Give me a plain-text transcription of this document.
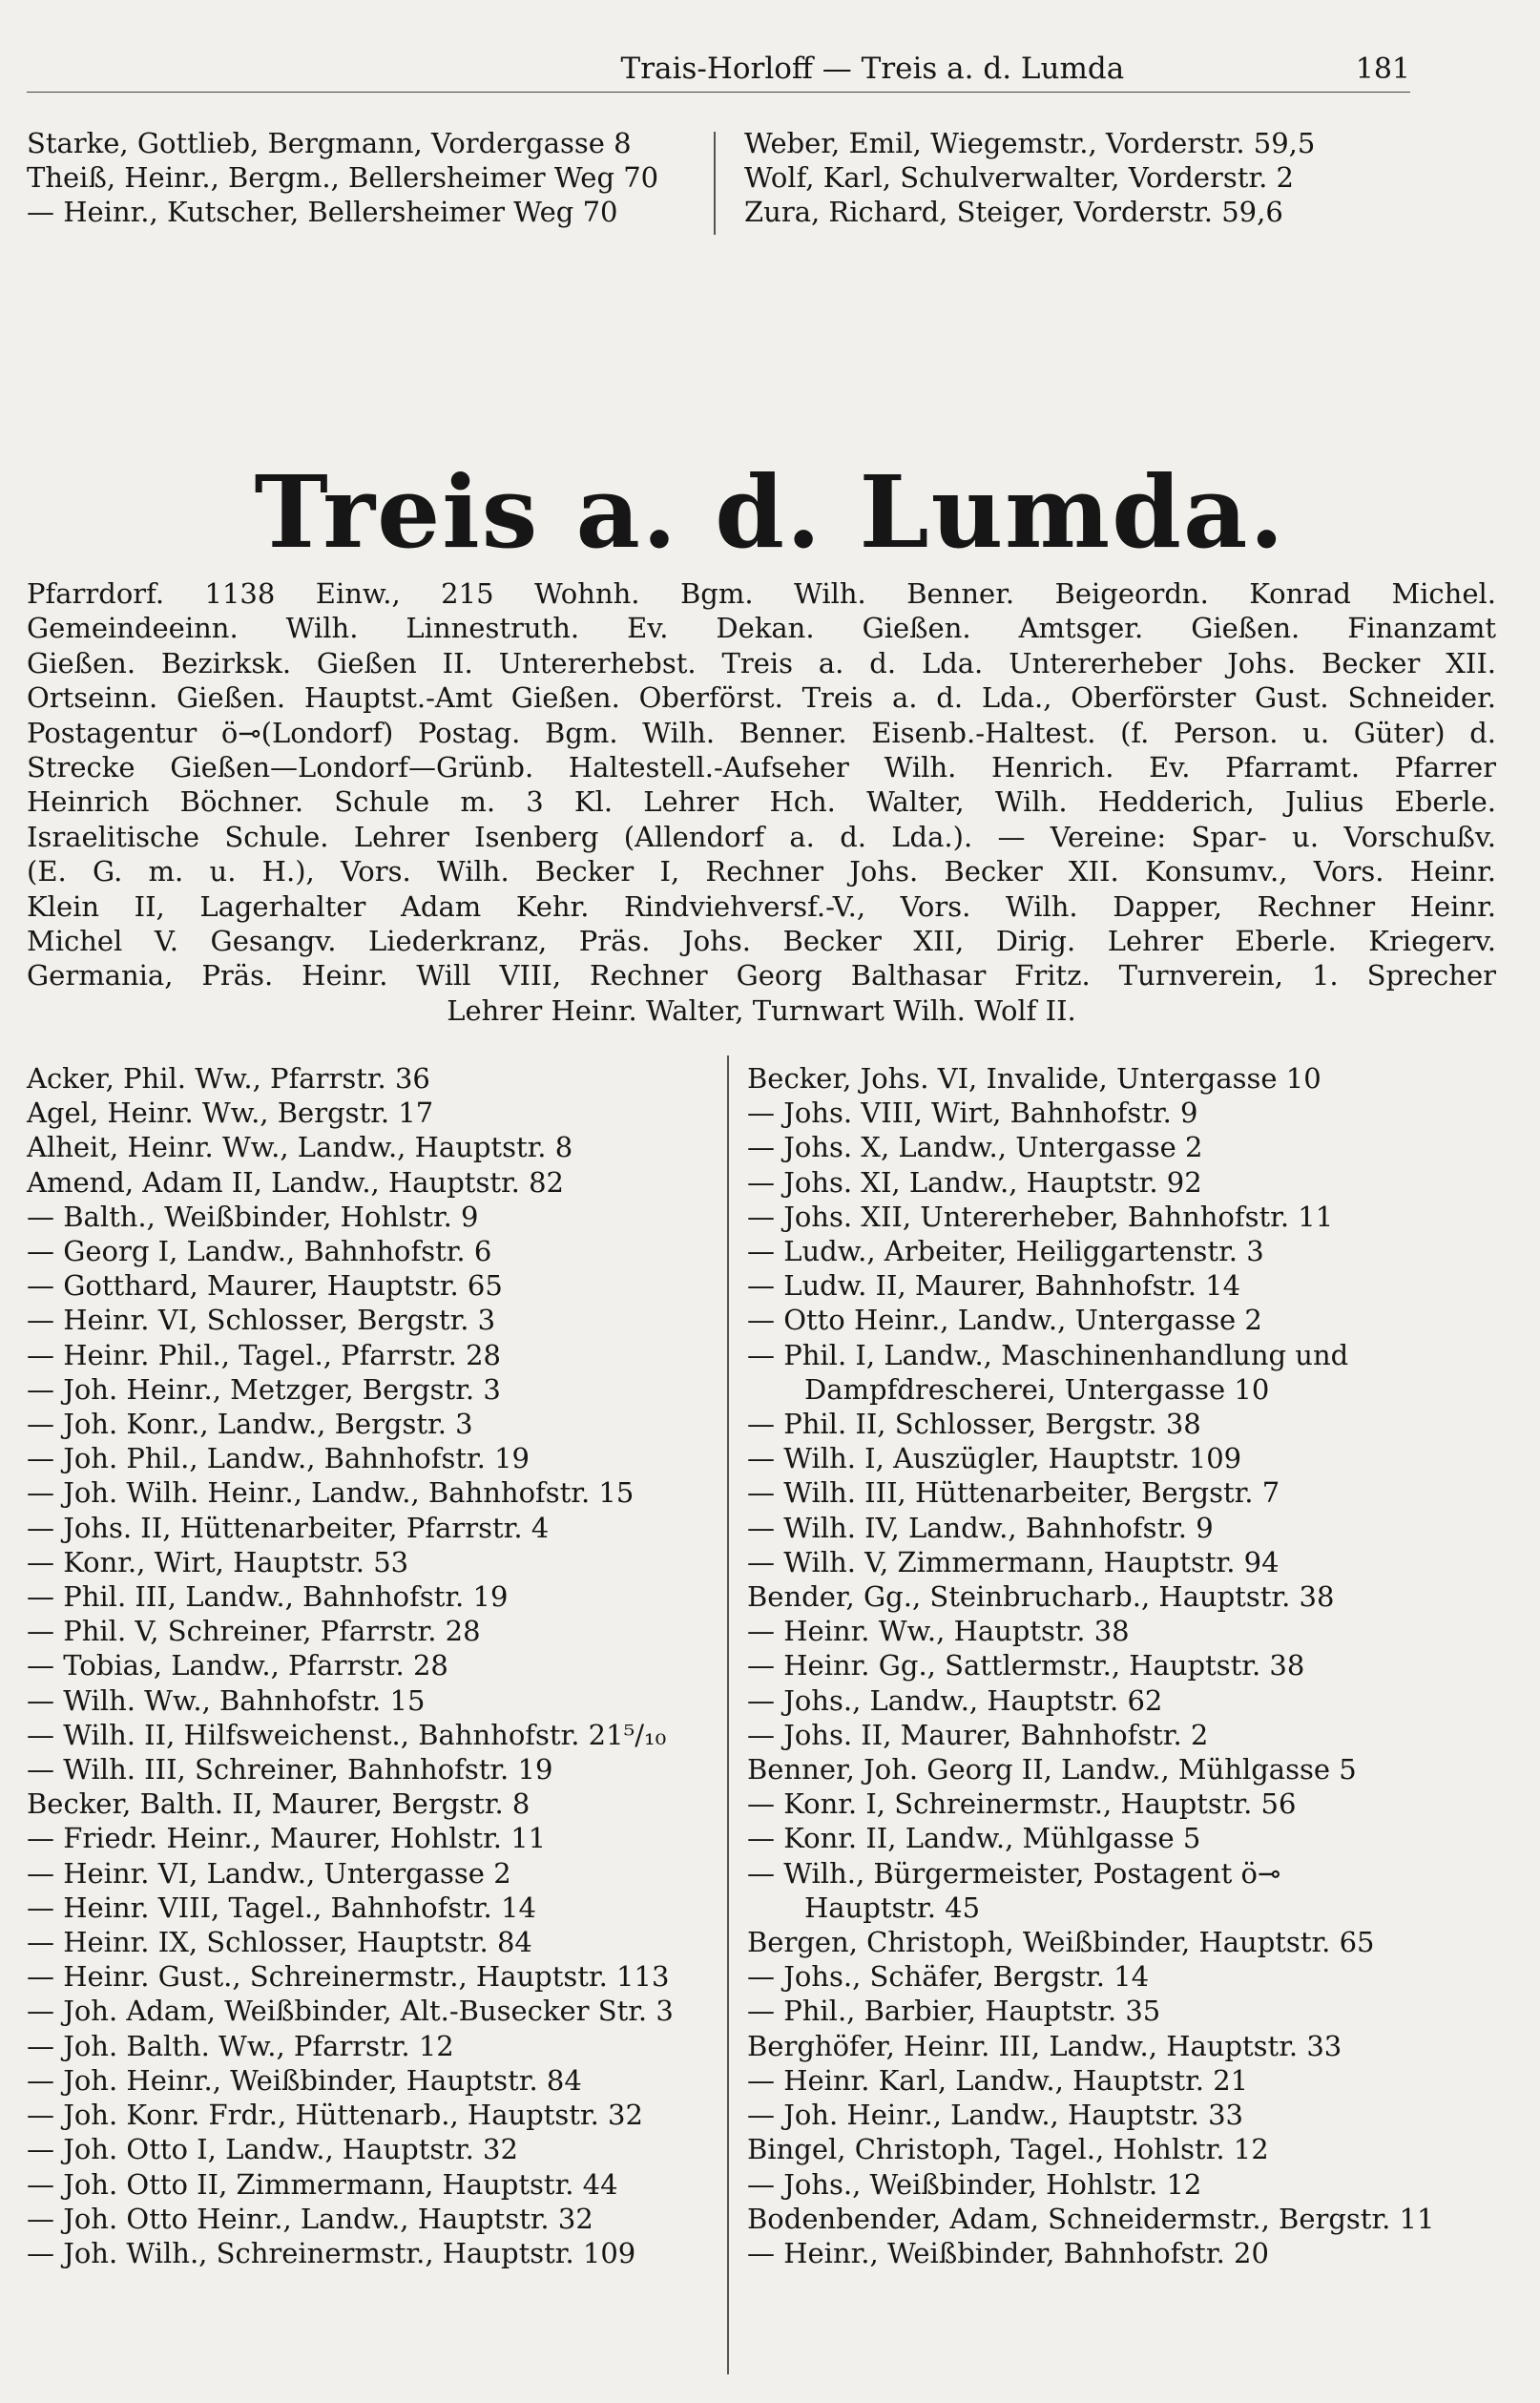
Trais-Horloff — Treis a. d. Lumda	181
Starke, Gottlieb, Bergmann, Vordergasse 8
Theiß, Heinr., Bergm., Bellersheimer Weg 70
— Heinr., Kutscher, Bellersheimer Weg 70
Weber, Emil, Wiegemstr., Vorderstr. 59,5
Wolf, Karl, Schulverwalter, Vorderstr. 2
Zura, Richard, Steiger, Vorderstr. 59,6
Treis a. d. Lumda.

Pfarrdorf. 1138 Einw., 215 Wohnh. Bgm. Wilh. Benner. Beigeordn. Konrad Michel.

Gemeindeeinn. Wilh. Linnestruth. Ev. Dekan. Gießen. Amtsger. Gießen. Finanzamt

Gießen. Bezirksk. Gießen II. Untererhebst. Treis a. d. Lda. Untererheber Johs. Becker XII.

Ortseinn. Gießen. Hauptst.-Amt Gießen. Oberförst. Treis a. d. Lda., Oberförster Gust. Schneider.

Postagentur ö⊸(Londorf) Postag. Bgm. Wilh. Benner. Eisenb.-Haltest. (f. Person. u. Güter) d.

Strecke Gießen—Londorf—Grünb. Haltestell.-Aufseher Wilh. Henrich. Ev. Pfarramt. Pfarrer

Heinrich Böchner. Schule m. 3 Kl. Lehrer Hch. Walter, Wilh. Hedderich, Julius Eberle.

Israelitische Schule. Lehrer Isenberg (Allendorf a. d. Lda.). — Vereine: Spar- u. Vorschußv.

(E. G. m. u. H.), Vors. Wilh. Becker I, Rechner Johs. Becker XII. Konsumv., Vors. Heinr.

Klein II, Lagerhalter Adam Kehr. Rindviehversf.-V., Vors. Wilh. Dapper, Rechner Heinr.

Michel V. Gesangv. Liederkranz, Präs. Johs. Becker XII, Dirig. Lehrer Eberle. Kriegerv.

Germania, Präs. Heinr. Will VIII, Rechner Georg Balthasar Fritz. Turnverein, 1. Sprecher

Lehrer Heinr. Walter, Turnwart Wilh. Wolf II.

Acker, Phil. Ww., Pfarrstr. 36
Agel, Heinr. Ww., Bergstr. 17
Alheit, Heinr. Ww., Landw., Hauptstr. 8
Amend, Adam II, Landw., Hauptstr. 82
— Balth., Weißbinder, Hohlstr. 9
— Georg I, Landw., Bahnhofstr. 6
— Gotthard, Maurer, Hauptstr. 65
— Heinr. VI, Schlosser, Bergstr. 3
— Heinr. Phil., Tagel., Pfarrstr. 28
— Joh. Heinr., Metzger, Bergstr. 3
— Joh. Konr., Landw., Bergstr. 3
— Joh. Phil., Landw., Bahnhofstr. 19
— Joh. Wilh. Heinr., Landw., Bahnhofstr. 15
— Johs. II, Hüttenarbeiter, Pfarrstr. 4
— Konr., Wirt, Hauptstr. 53
— Phil. III, Landw., Bahnhofstr. 19
— Phil. V, Schreiner, Pfarrstr. 28
— Tobias, Landw., Pfarrstr. 28
— Wilh. Ww., Bahnhofstr. 15
— Wilh. II, Hilfsweichenst., Bahnhofstr. 21⁵/₁₀
— Wilh. III, Schreiner, Bahnhofstr. 19
Becker, Balth. II, Maurer, Bergstr. 8
— Friedr. Heinr., Maurer, Hohlstr. 11
— Heinr. VI, Landw., Untergasse 2
— Heinr. VIII, Tagel., Bahnhofstr. 14
— Heinr. IX, Schlosser, Hauptstr. 84
— Heinr. Gust., Schreinermstr., Hauptstr. 113
— Joh. Adam, Weißbinder, Alt.-Busecker Str. 3
— Joh. Balth. Ww., Pfarrstr. 12
— Joh. Heinr., Weißbinder, Hauptstr. 84
— Joh. Konr. Frdr., Hüttenarb., Hauptstr. 32
— Joh. Otto I, Landw., Hauptstr. 32
— Joh. Otto II, Zimmermann, Hauptstr. 44
— Joh. Otto Heinr., Landw., Hauptstr. 32
— Joh. Wilh., Schreinermstr., Hauptstr. 109
Becker, Johs. VI, Invalide, Untergasse 10
— Johs. VIII, Wirt, Bahnhofstr. 9
— Johs. X, Landw., Untergasse 2
— Johs. XI, Landw., Hauptstr. 92
— Johs. XII, Untererheber, Bahnhofstr. 11
— Ludw., Arbeiter, Heiliggartenstr. 3
— Ludw. II, Maurer, Bahnhofstr. 14
— Otto Heinr., Landw., Untergasse 2
— Phil. I, Landw., Maschinenhandlung und
Dampfdrescherei, Untergasse 10
— Phil. II, Schlosser, Bergstr. 38
— Wilh. I, Auszügler, Hauptstr. 109
— Wilh. III, Hüttenarbeiter, Bergstr. 7
— Wilh. IV, Landw., Bahnhofstr. 9
— Wilh. V, Zimmermann, Hauptstr. 94
Bender, Gg., Steinbrucharb., Hauptstr. 38
— Heinr. Ww., Hauptstr. 38
— Heinr. Gg., Sattlermstr., Hauptstr. 38
— Johs., Landw., Hauptstr. 62
— Johs. II, Maurer, Bahnhofstr. 2
Benner, Joh. Georg II, Landw., Mühlgasse 5
— Konr. I, Schreinermstr., Hauptstr. 56
— Konr. II, Landw., Mühlgasse 5
— Wilh., Bürgermeister, Postagent ö⊸
Hauptstr. 45
Bergen, Christoph, Weißbinder, Hauptstr. 65
— Johs., Schäfer, Bergstr. 14
— Phil., Barbier, Hauptstr. 35
Berghöfer, Heinr. III, Landw., Hauptstr. 33
— Heinr. Karl, Landw., Hauptstr. 21
— Joh. Heinr., Landw., Hauptstr. 33
Bingel, Christoph, Tagel., Hohlstr. 12
— Johs., Weißbinder, Hohlstr. 12
Bodenbender, Adam, Schneidermstr., Bergstr. 11
— Heinr., Weißbinder, Bahnhofstr. 20
